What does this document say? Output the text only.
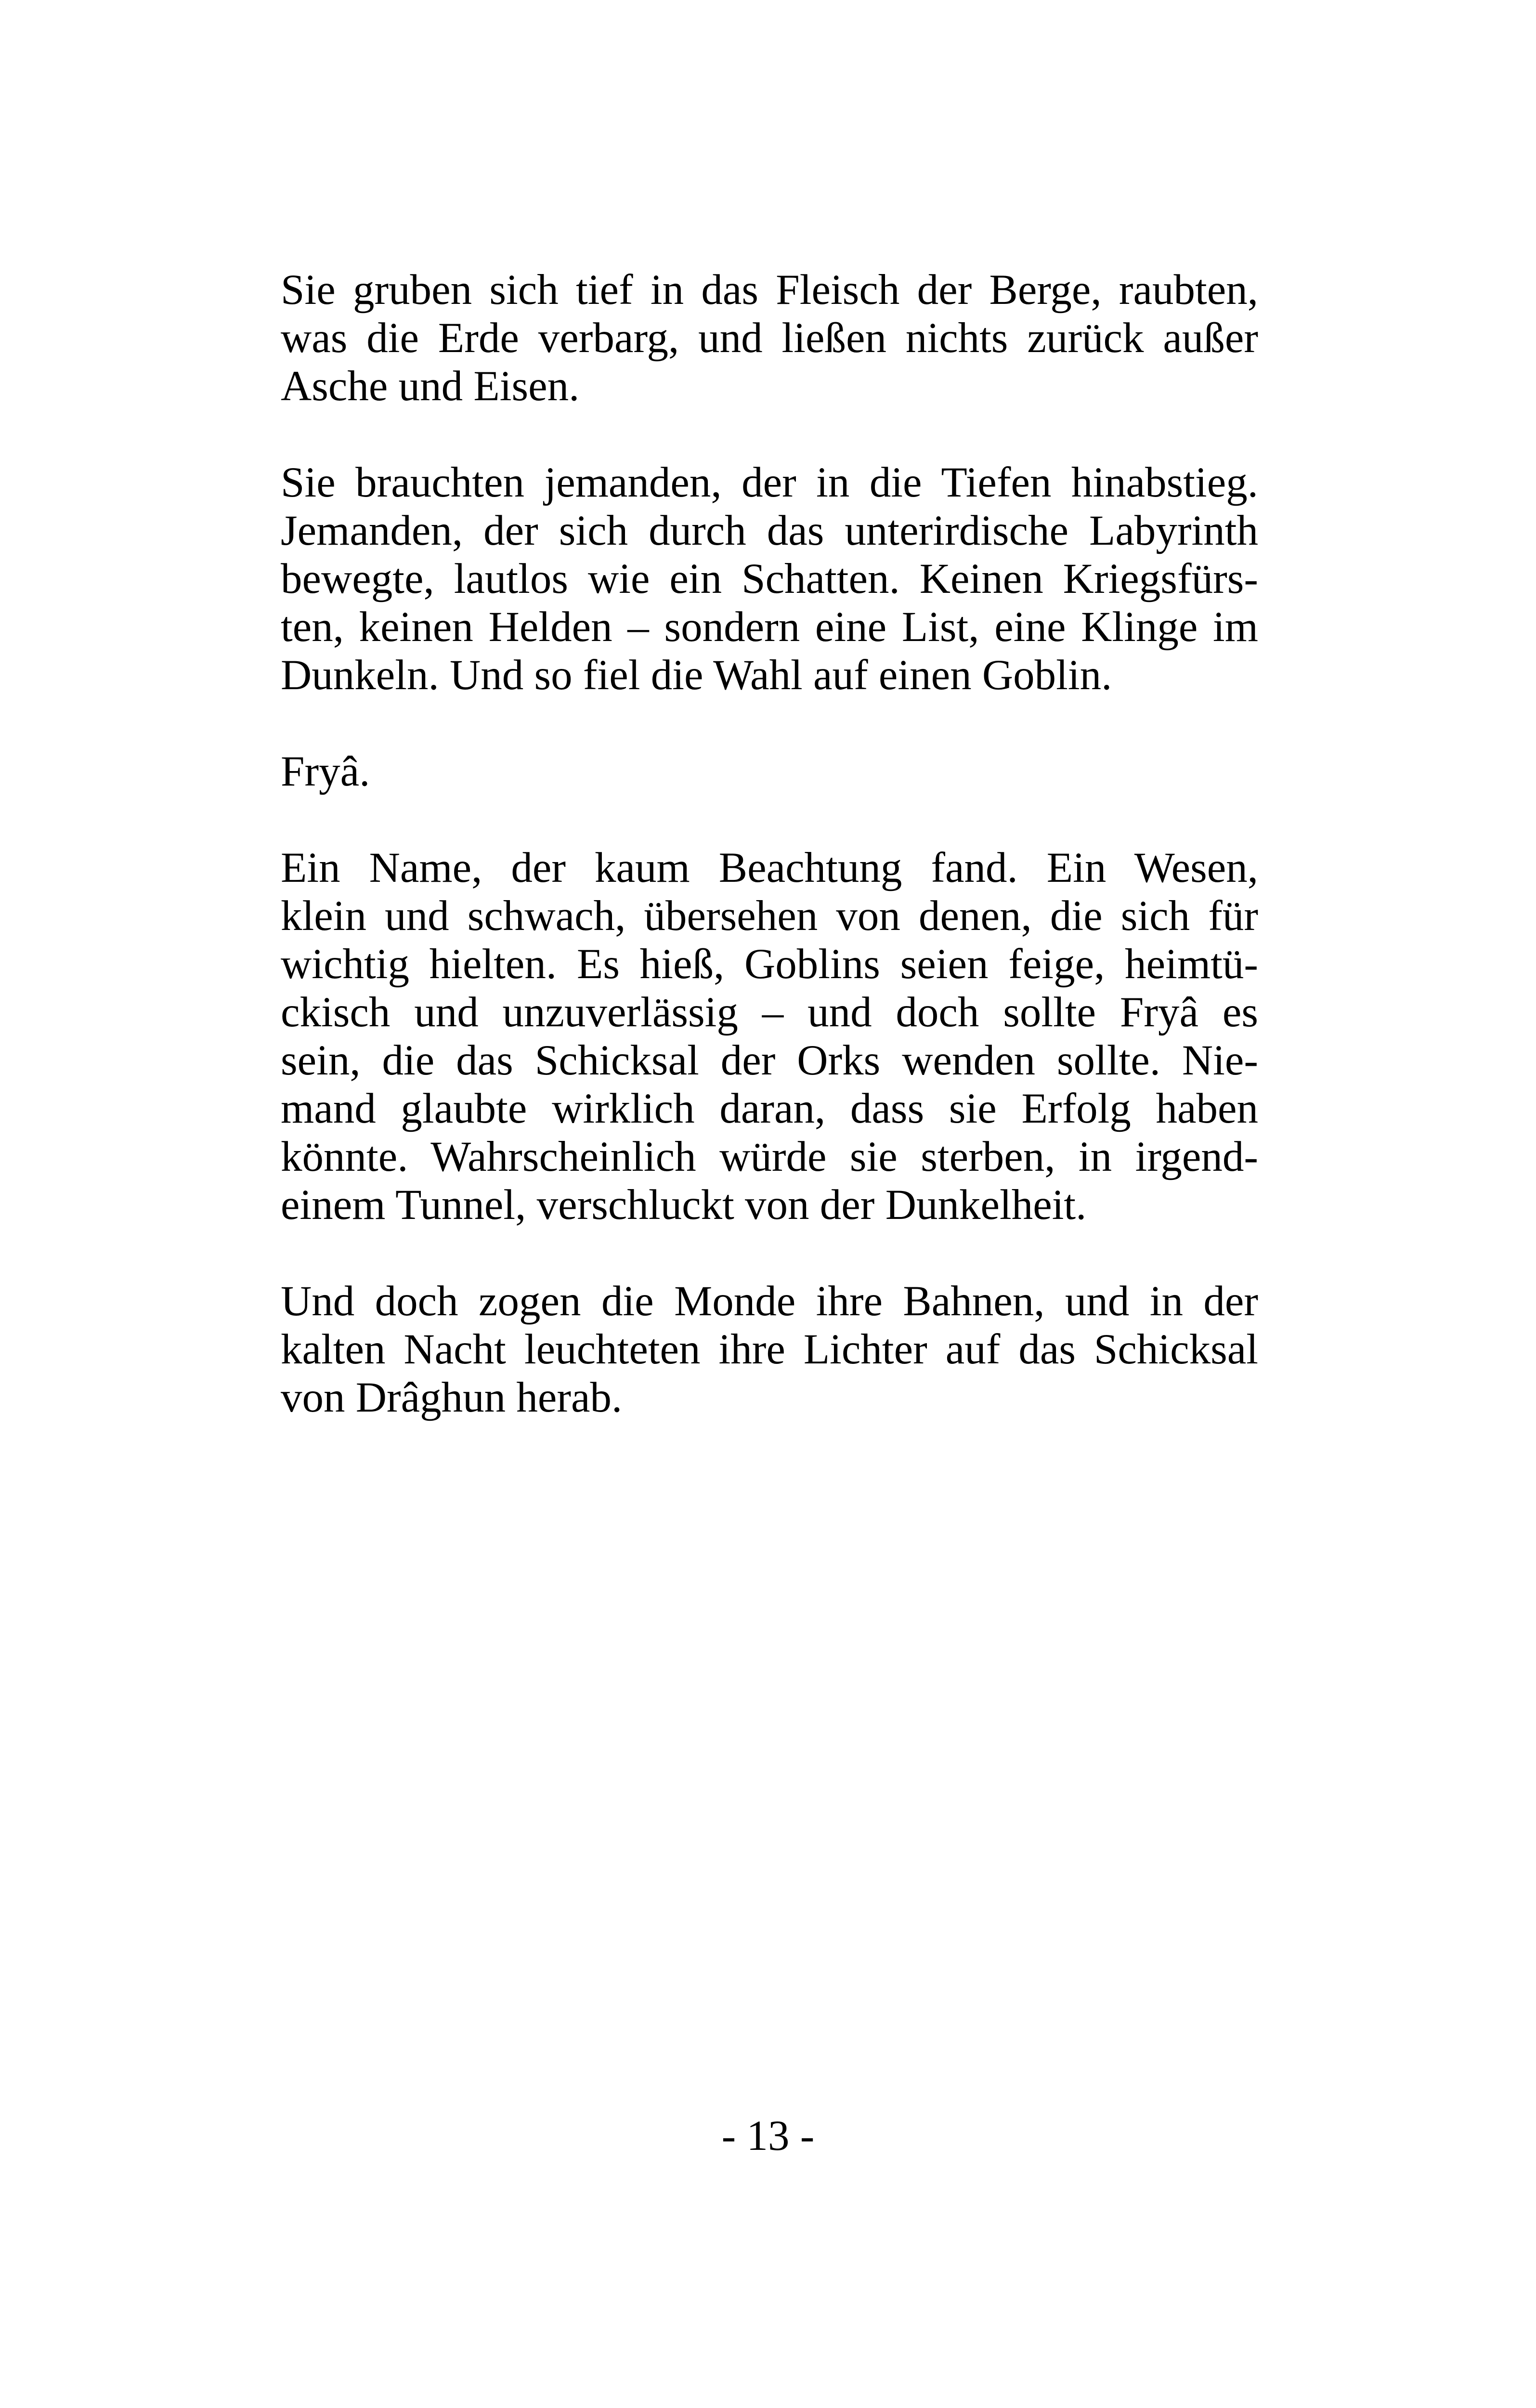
Sie gruben sich tief in das Fleisch der Berge, raubten,
was die Erde verbarg, und ließen nichts zurück außer
Asche und Eisen.

Sie brauchten jemanden, der in die Tiefen hinabstieg.
Jemanden, der sich durch das unterirdische Labyrinth
bewegte, lautlos wie ein Schatten. Keinen Kriegsfürs-
ten, keinen Helden – sondern eine List, eine Klinge im
Dunkeln. Und so fiel die Wahl auf einen Goblin.

Fryâ.

Ein Name, der kaum Beachtung fand. Ein Wesen,
klein und schwach, übersehen von denen, die sich für
wichtig hielten. Es hieß, Goblins seien feige, heimtü-
ckisch und unzuverlässig – und doch sollte Fryâ es
sein, die das Schicksal der Orks wenden sollte. Nie-
mand glaubte wirklich daran, dass sie Erfolg haben
könnte. Wahrscheinlich würde sie sterben, in irgend-
einem Tunnel, verschluckt von der Dunkelheit.

Und doch zogen die Monde ihre Bahnen, und in der
kalten Nacht leuchteten ihre Lichter auf das Schicksal
von Drâghun herab.

- 13 -
